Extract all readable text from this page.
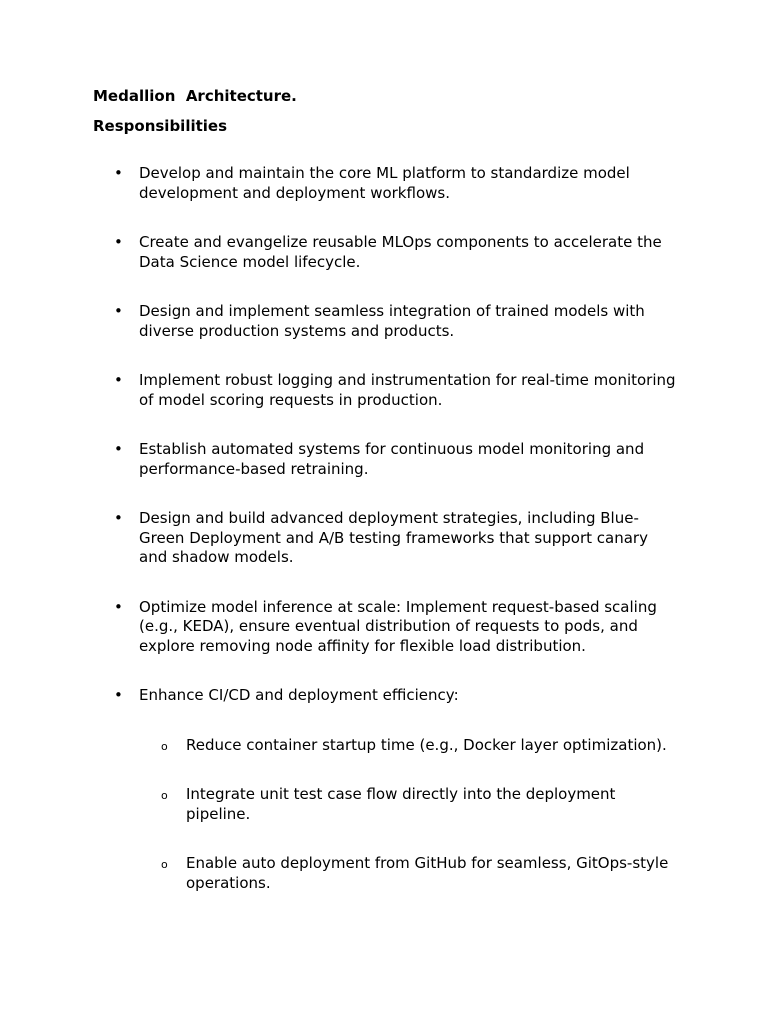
Medallion  Architecture.

Responsibilities

• Develop and maintain the core ML platform to standardize model development and deployment workflows.
• Create and evangelize reusable MLOps components to accelerate the Data Science model lifecycle.
• Design and implement seamless integration of trained models with diverse production systems and products.
• Implement robust logging and instrumentation for real-time monitoring of model scoring requests in production.
• Establish automated systems for continuous model monitoring and performance-based retraining.
• Design and build advanced deployment strategies, including Blue-Green Deployment and A/B testing frameworks that support canary and shadow models.
• Optimize model inference at scale: Implement request-based scaling (e.g., KEDA), ensure eventual distribution of requests to pods, and explore removing node affinity for flexible load distribution.
• Enhance CI/CD and deployment efficiency:
o Reduce container startup time (e.g., Docker layer optimization).
o Integrate unit test case flow directly into the deployment pipeline.
o Enable auto deployment from GitHub for seamless, GitOps-style operations.
